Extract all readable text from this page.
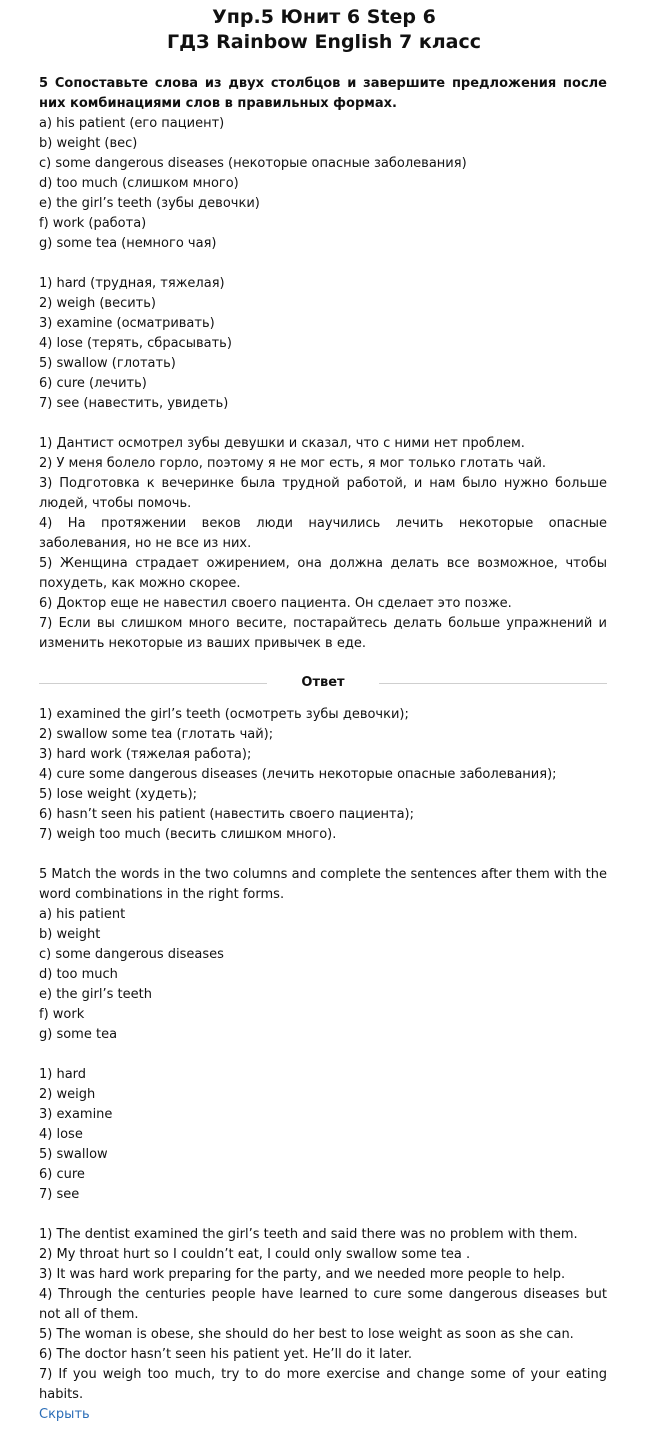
Упр.5 Юнит 6 Step 6
ГДЗ Rainbow English 7 класс

5 Сопоставьте слова из двух столбцов и завершите предложения после них комбинациями слов в правильных формах.

a) his patient (его пациент)

b) weight (вес)

c) some dangerous diseases (некоторые опасные заболевания)

d) too much (слишком много)

e) the girl’s teeth (зубы девочки)

f) work (работа)

g) some tea (немного чая)

1) hard (трудная, тяжелая)

2) weigh (весить)

3) examine (осматривать)

4) lose (терять, сбрасывать)

5) swallow (глотать)

6) cure (лечить)

7) see (навестить, увидеть)

1) Дантист осмотрел зубы девушки и сказал, что с ними нет проблем.

2) У меня болело горло, поэтому я не мог есть, я мог только глотать чай.

3) Подготовка к вечеринке была трудной работой, и нам было нужно больше людей, чтобы помочь.

4) На протяжении веков люди научились лечить некоторые опасные заболевания, но не все из них.

5) Женщина страдает ожирением, она должна делать все возможное, чтобы похудеть, как можно скорее.

6) Доктор еще не навестил своего пациента. Он сделает это позже.

7) Если вы слишком много весите, постарайтесь делать больше упражнений и изменить некоторые из ваших привычек в еде.

Ответ

1) examined the girl’s teeth (осмотреть зубы девочки);

2) swallow some tea (глотать чай);

3) hard work (тяжелая работа);

4) cure some dangerous diseases (лечить некоторые опасные заболевания);

5) lose weight (худеть);

6) hasn’t seen his patient (навестить своего пациента);

7) weigh too much (весить слишком много).

5 Match the words in the two columns and complete the sentences after them with the word combinations in the right forms.

a) his patient

b) weight

c) some dangerous diseases

d) too much

e) the girl’s teeth

f) work

g) some tea

1) hard

2) weigh

3) examine

4) lose

5) swallow

6) cure

7) see

1) The dentist examined the girl’s teeth and said there was no problem with them.

2) My throat hurt so I couldn’t eat, I could only swallow some tea .

3) It was hard work preparing for the party, and we needed more people to help.

4) Through the centuries people have learned to cure some dangerous diseases but not all of them.

5) The woman is obese, she should do her best to lose weight as soon as she can.

6) The doctor hasn’t seen his patient yet. He’ll do it later.

7) If you weigh too much, try to do more exercise and change some of your eating habits.

Скрыть
